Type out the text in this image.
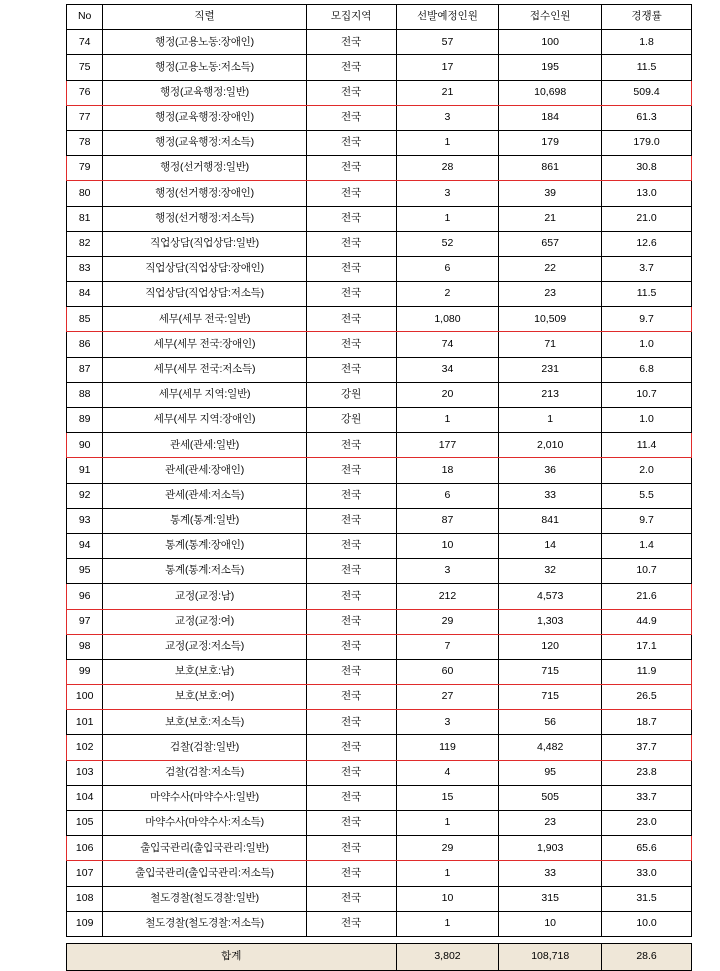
No	직렬	모집지역	선발예정인원	접수인원	경쟁률
74	행정(고용노동:장애인)	전국	57	100	1.8
75	행정(고용노동:저소득)	전국	17	195	11.5
76	행정(교육행정:일반)	전국	21	10,698	509.4
77	행정(교육행정:장애인)	전국	3	184	61.3
78	행정(교육행정:저소득)	전국	1	179	179.0
79	행정(선거행정:일반)	전국	28	861	30.8
80	행정(선거행정:장애인)	전국	3	39	13.0
81	행정(선거행정:저소득)	전국	1	21	21.0
82	직업상담(직업상담:일반)	전국	52	657	12.6
83	직업상담(직업상담:장애인)	전국	6	22	3.7
84	직업상담(직업상담:저소득)	전국	2	23	11.5
85	세무(세무 전국:일반)	전국	1,080	10,509	9.7
86	세무(세무 전국:장애인)	전국	74	71	1.0
87	세무(세무 전국:저소득)	전국	34	231	6.8
88	세무(세무 지역:일반)	강원	20	213	10.7
89	세무(세무 지역:장애인)	강원	1	1	1.0
90	관세(관세:일반)	전국	177	2,010	11.4
91	관세(관세:장애인)	전국	18	36	2.0
92	관세(관세:저소득)	전국	6	33	5.5
93	통계(통계:일반)	전국	87	841	9.7
94	통계(통계:장애인)	전국	10	14	1.4
95	통계(통계:저소득)	전국	3	32	10.7
96	교정(교정:남)	전국	212	4,573	21.6
97	교정(교정:여)	전국	29	1,303	44.9
98	교정(교정:저소득)	전국	7	120	17.1
99	보호(보호:남)	전국	60	715	11.9
100	보호(보호:여)	전국	27	715	26.5
101	보호(보호:저소득)	전국	3	56	18.7
102	검찰(검찰:일반)	전국	119	4,482	37.7
103	검찰(검찰:저소득)	전국	4	95	23.8
104	마약수사(마약수사:일반)	전국	15	505	33.7
105	마약수사(마약수사:저소득)	전국	1	23	23.0
106	출입국관리(출입국관리:일반)	전국	29	1,903	65.6
107	출입국관리(출입국관리:저소득)	전국	1	33	33.0
108	철도경찰(철도경찰:일반)	전국	10	315	31.5
109	철도경찰(철도경찰:저소득)	전국	1	10	10.0
합계	3,802	108,718	28.6
